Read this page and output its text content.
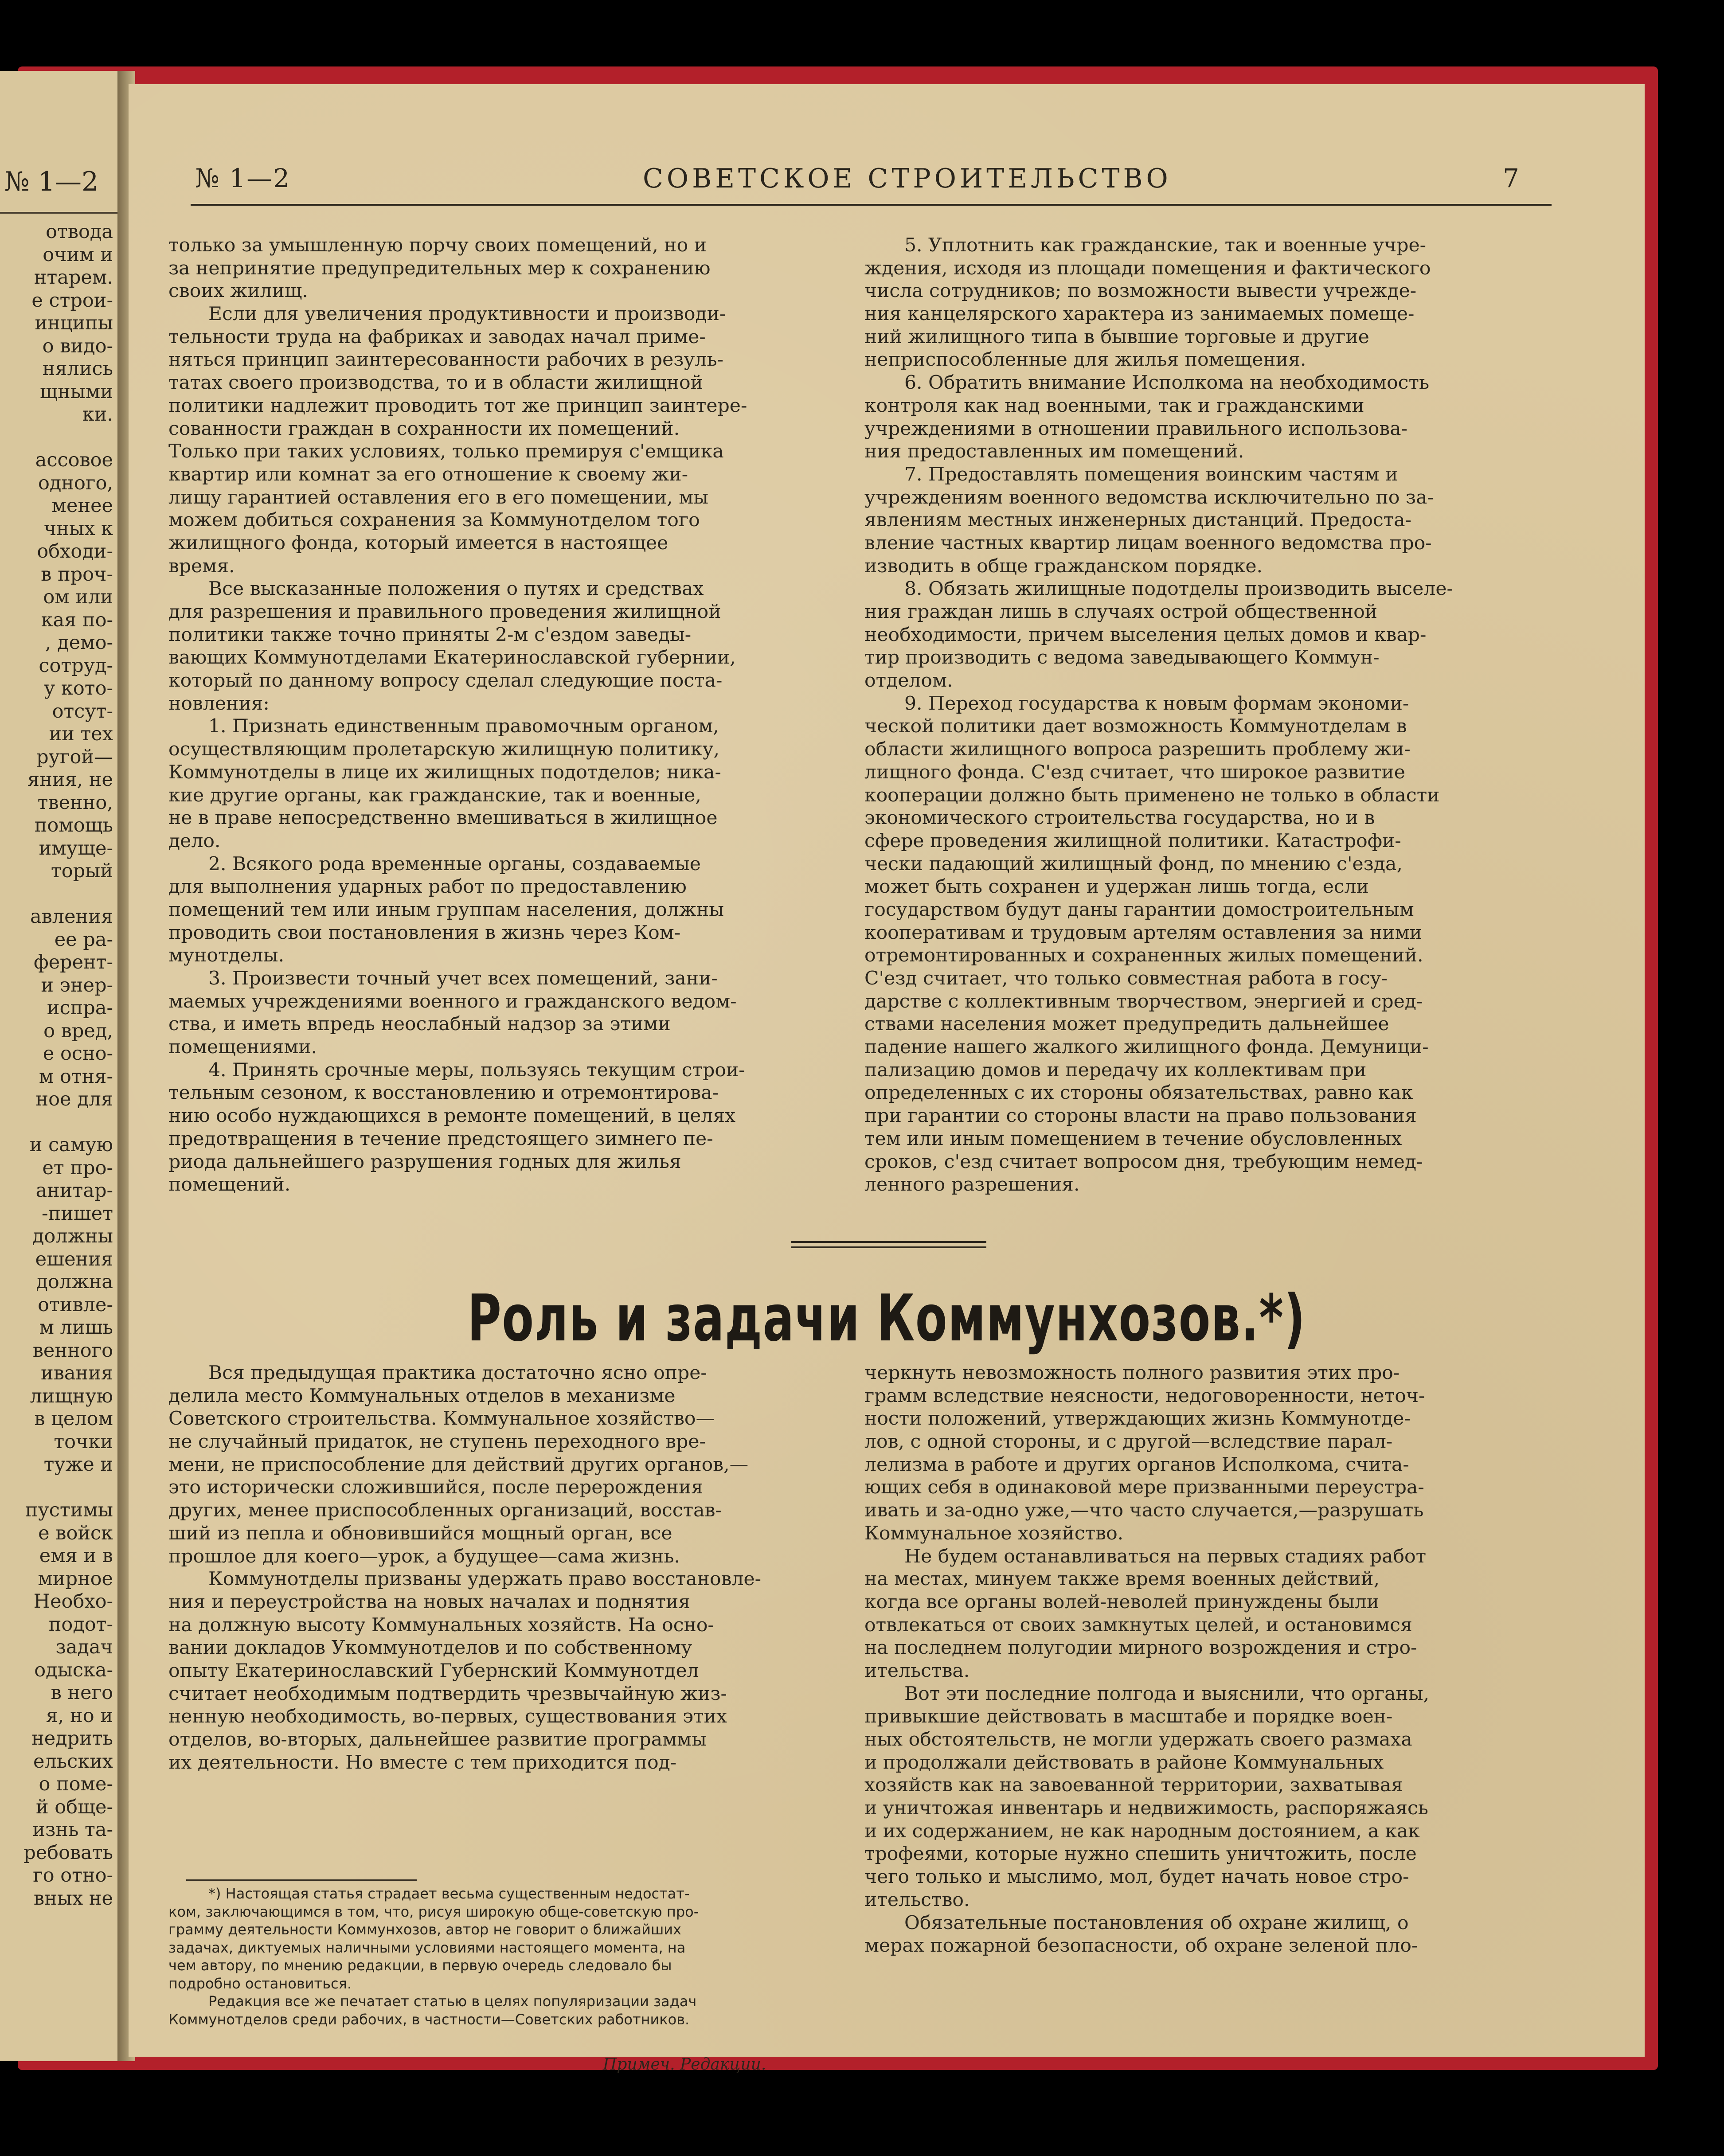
№ 1—2
отвода
очим и
нтарем.
е строи-
инципы
о видо-
нялись
щными
ки.
ассовое
одного,
менее
чных к
обходи-
в проч-
ом или
кая по-
, демо-
сотруд-
у кото-
отсут-
ии тех
ругой—
яния, не
твенно,
помощь
имуще-
торый
авления
ее ра-
ферент-
и энер-
испра-
о вред,
е осно-
м отня-
ное для
и самую
ет про-
анитар-
-пишет
должны
ешения
должна
отивле-
м лишь
венного
ивания
лищную
в целом
точки
туже и
пустимы
е войск
емя и в
мирное
Необхо-
подот-
задач
одыска-
в него
я, но и
недрить
ельских
о поме-
й обще-
изнь та-
ребовать
го отно-
вных не
№ 1—2	СОВЕТСКОЕ СТРОИТЕЛЬСТВО	7
только за умышленную порчу своих помещений, но и
за непринятие предупредительных мер к сохранению
своих жилищ.
Если для увеличения продуктивности и производи-
тельности труда на фабриках и заводах начал приме-
няться принцип заинтересованности рабочих в резуль-
татах своего производства, то и в области жилищной
политики надлежит проводить тот же принцип заинтере-
сованности граждан в сохранности их помещений.
Только при таких условиях, только премируя с'емщика
квартир или комнат за его отношение к своему жи-
лищу гарантией оставления его в его помещении, мы
можем добиться сохранения за Коммунотделом того
жилищного фонда, который имеется в настоящее
время.
Все высказанные положения о путях и средствах
для разрешения и правильного проведения жилищной
политики также точно приняты 2-м с'ездом заведы-
вающих Коммунотделами Екатеринославской губернии,
который по данному вопросу сделал следующие поста-
новления:
1. Признать единственным правомочным органом,
осуществляющим пролетарскую жилищную политику,
Коммунотделы в лице их жилищных подотделов; ника-
кие другие органы, как гражданские, так и военные,
не в праве непосредственно вмешиваться в жилищное
дело.
2. Всякого рода временные органы, создаваемые
для выполнения ударных работ по предоставлению
помещений тем или иным группам населения, должны
проводить свои постановления в жизнь через Ком-
мунотделы.
3. Произвести точный учет всех помещений, зани-
маемых учреждениями военного и гражданского ведом-
ства, и иметь впредь неослабный надзор за этими
помещениями.
4. Принять срочные меры, пользуясь текущим строи-
тельным сезоном, к восстановлению и отремонтирова-
нию особо нуждающихся в ремонте помещений, в целях
предотвращения в течение предстоящего зимнего пе-
риода дальнейшего разрушения годных для жилья
помещений.
5. Уплотнить как гражданские, так и военные учре-
ждения, исходя из площади помещения и фактического
числа сотрудников; по возможности вывести учрежде-
ния канцелярского характера из занимаемых помеще-
ний жилищного типа в бывшие торговые и другие
неприспособленные для жилья помещения.
6. Обратить внимание Исполкома на необходимость
контроля как над военными, так и гражданскими
учреждениями в отношении правильного использова-
ния предоставленных им помещений.
7. Предоставлять помещения воинским частям и
учреждениям военного ведомства исключительно по за-
явлениям местных инженерных дистанций. Предоста-
вление частных квартир лицам военного ведомства про-
изводить в обще гражданском порядке.
8. Обязать жилищные подотделы производить выселе-
ния граждан лишь в случаях острой общественной
необходимости, причем выселения целых домов и квар-
тир производить с ведома заведывающего Коммун-
отделом.
9. Переход государства к новым формам экономи-
ческой политики дает возможность Коммунотделам в
области жилищного вопроса разрешить проблему жи-
лищного фонда. С'езд считает, что широкое развитие
кооперации должно быть применено не только в области
экономического строительства государства, но и в
сфере проведения жилищной политики. Катастрофи-
чески падающий жилищный фонд, по мнению с'езда,
может быть сохранен и удержан лишь тогда, если
государством будут даны гарантии домостроительным
кооперативам и трудовым артелям оставления за ними
отремонтированных и сохраненных жилых помещений.
С'езд считает, что только совместная работа в госу-
дарстве с коллективным творчеством, энергией и сред-
ствами населения может предупредить дальнейшее
падение нашего жалкого жилищного фонда. Демуници-
пализацию домов и передачу их коллективам при
определенных с их стороны обязательствах, равно как
при гарантии со стороны власти на право пользования
тем или иным помещением в течение обусловленных
сроков, с'езд считает вопросом дня, требующим немед-
ленного разрешения.
Роль и задачи Коммунхозов.*)
Вся предыдущая практика достаточно ясно опре-
делила место Коммунальных отделов в механизме
Советского строительства. Коммунальное хозяйство—
не случайный придаток, не ступень переходного вре-
мени, не приспособление для действий других органов,—
это исторически сложившийся, после перерождения
других, менее приспособленных организаций, восстав-
ший из пепла и обновившийся мощный орган, все
прошлое для коего—урок, а будущее—сама жизнь.
Коммунотделы призваны удержать право восстановле-
ния и переустройства на новых началах и поднятия
на должную высоту Коммунальных хозяйств. На осно-
вании докладов Укоммунотделов и по собственному
опыту Екатеринославский Губернский Коммунотдел
считает необходимым подтвердить чрезвычайную жиз-
ненную необходимость, во-первых, существования этих
отделов, во-вторых, дальнейшее развитие программы
их деятельности. Но вместе с тем приходится под-
черкнуть невозможность полного развития этих про-
грамм вследствие неясности, недоговоренности, неточ-
ности положений, утверждающих жизнь Коммунотде-
лов, с одной стороны, и с другой—вследствие парал-
лелизма в работе и других органов Исполкома, счита-
ющих себя в одинаковой мере призванными переустра-
ивать и за-одно уже,—что часто случается,—разрушать
Коммунальное хозяйство.
Не будем останавливаться на первых стадиях работ
на местах, минуем также время военных действий,
когда все органы волей-неволей принуждены были
отвлекаться от своих замкнутых целей, и остановимся
на последнем полугодии мирного возрождения и стро-
ительства.
Вот эти последние полгода и выяснили, что органы,
привыкшие действовать в масштабе и порядке воен-
ных обстоятельств, не могли удержать своего размаха
и продолжали действовать в районе Коммунальных
хозяйств как на завоеванной территории, захватывая
и уничтожая инвентарь и недвижимость, распоряжаясь
и их содержанием, не как народным достоянием, а как
трофеями, которые нужно спешить уничтожить, после
чего только и мыслимо, мол, будет начать новое стро-
ительство.
Обязательные постановления об охране жилищ, о
мерах пожарной безопасности, об охране зеленой пло-
*) Настоящая статья страдает весьма существенным недостат-
ком, заключающимся в том, что, рисуя широкую обще-советскую про-
грамму деятельности Коммунхозов, автор не говорит о ближайших
задачах, диктуемых наличными условиями настоящего момента, на
чем автору, по мнению редакции, в первую очередь следовало бы
подробно остановиться.
Редакция все же печатает статью в целях популяризации задач
Коммунотделов среди рабочих, в частности—Советских работников.
Примеч. Редакции.
